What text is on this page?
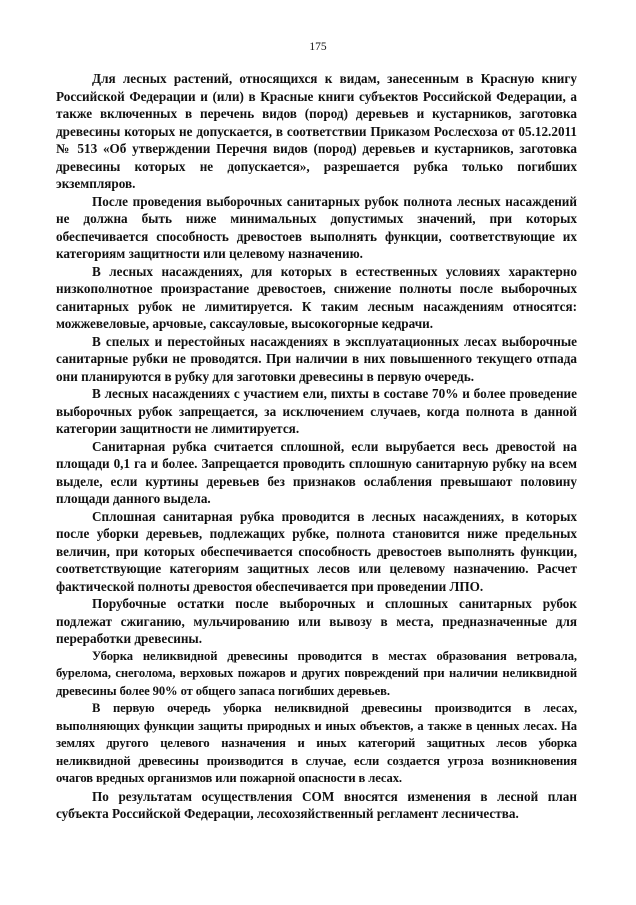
175

Для лесных растений, относящихся к видам, занесенным в Красную книгу Российской Федерации и (или) в Красные книги субъектов Российской Федерации, а также включенных в перечень видов (пород) деревьев и кустарников, заготовка древесины которых не допускается, в соответствии Приказом Рослесхоза от 05.12.2011 № 513 «Об утверждении Перечня видов (пород) деревьев и кустарников, заготовка древесины которых не допускается», разрешается рубка только погибших экземпляров.

После проведения выборочных санитарных рубок полнота лесных насаждений не должна быть ниже минимальных допустимых значений, при которых обеспечивается способность древостоев выполнять функции, соответствующие их категориям защитности или целевому назначению.

В лесных насаждениях, для которых в естественных условиях характерно низкополнотное произрастание древостоев, снижение полноты после выборочных санитарных рубок не лимитируется. К таким лесным насаждениям относятся: можжевеловые, арчовые, саксауловые, высокогорные кедрачи.

В спелых и перестойных насаждениях в эксплуатационных лесах выборочные санитарные рубки не проводятся. При наличии в них повышенного текущего отпада они планируются в рубку для заготовки древесины в первую очередь.

В лесных насаждениях с участием ели, пихты в составе 70% и более проведение выборочных рубок запрещается, за исключением случаев, когда полнота в данной категории защитности не лимитируется.

Санитарная рубка считается сплошной, если вырубается весь древостой на площади 0,1 га и более. Запрещается проводить сплошную санитарную рубку на всем выделе, если куртины деревьев без признаков ослабления превышают половину площади данного выдела.

Сплошная санитарная рубка проводится в лесных насаждениях, в которых после уборки деревьев, подлежащих рубке, полнота становится ниже предельных величин, при которых обеспечивается способность древостоев выполнять функции, соответствующие категориям защитных лесов или целевому назначению. Расчет фактической полноты древостоя обеспечивается при проведении ЛПО.

Порубочные остатки после выборочных и сплошных санитарных рубок подлежат сжиганию, мульчированию или вывозу в места, предназначенные для переработки древесины.

Уборка неликвидной древесины проводится в местах образования ветровала, бурелома, снеголома, верховых пожаров и других повреждений при наличии неликвидной древесины более 90% от общего запаса погибших деревьев.

В первую очередь уборка неликвидной древесины производится в лесах, выполняющих функции защиты природных и иных объектов, а также в ценных лесах. На землях другого целевого назначения и иных категорий защитных лесов уборка неликвидной древесины производится в случае, если создается угроза возникновения очагов вредных организмов или пожарной опасности в лесах.

По результатам осуществления СОМ вносятся изменения в лесной план субъекта Российской Федерации, лесохозяйственный регламент лесничества.
